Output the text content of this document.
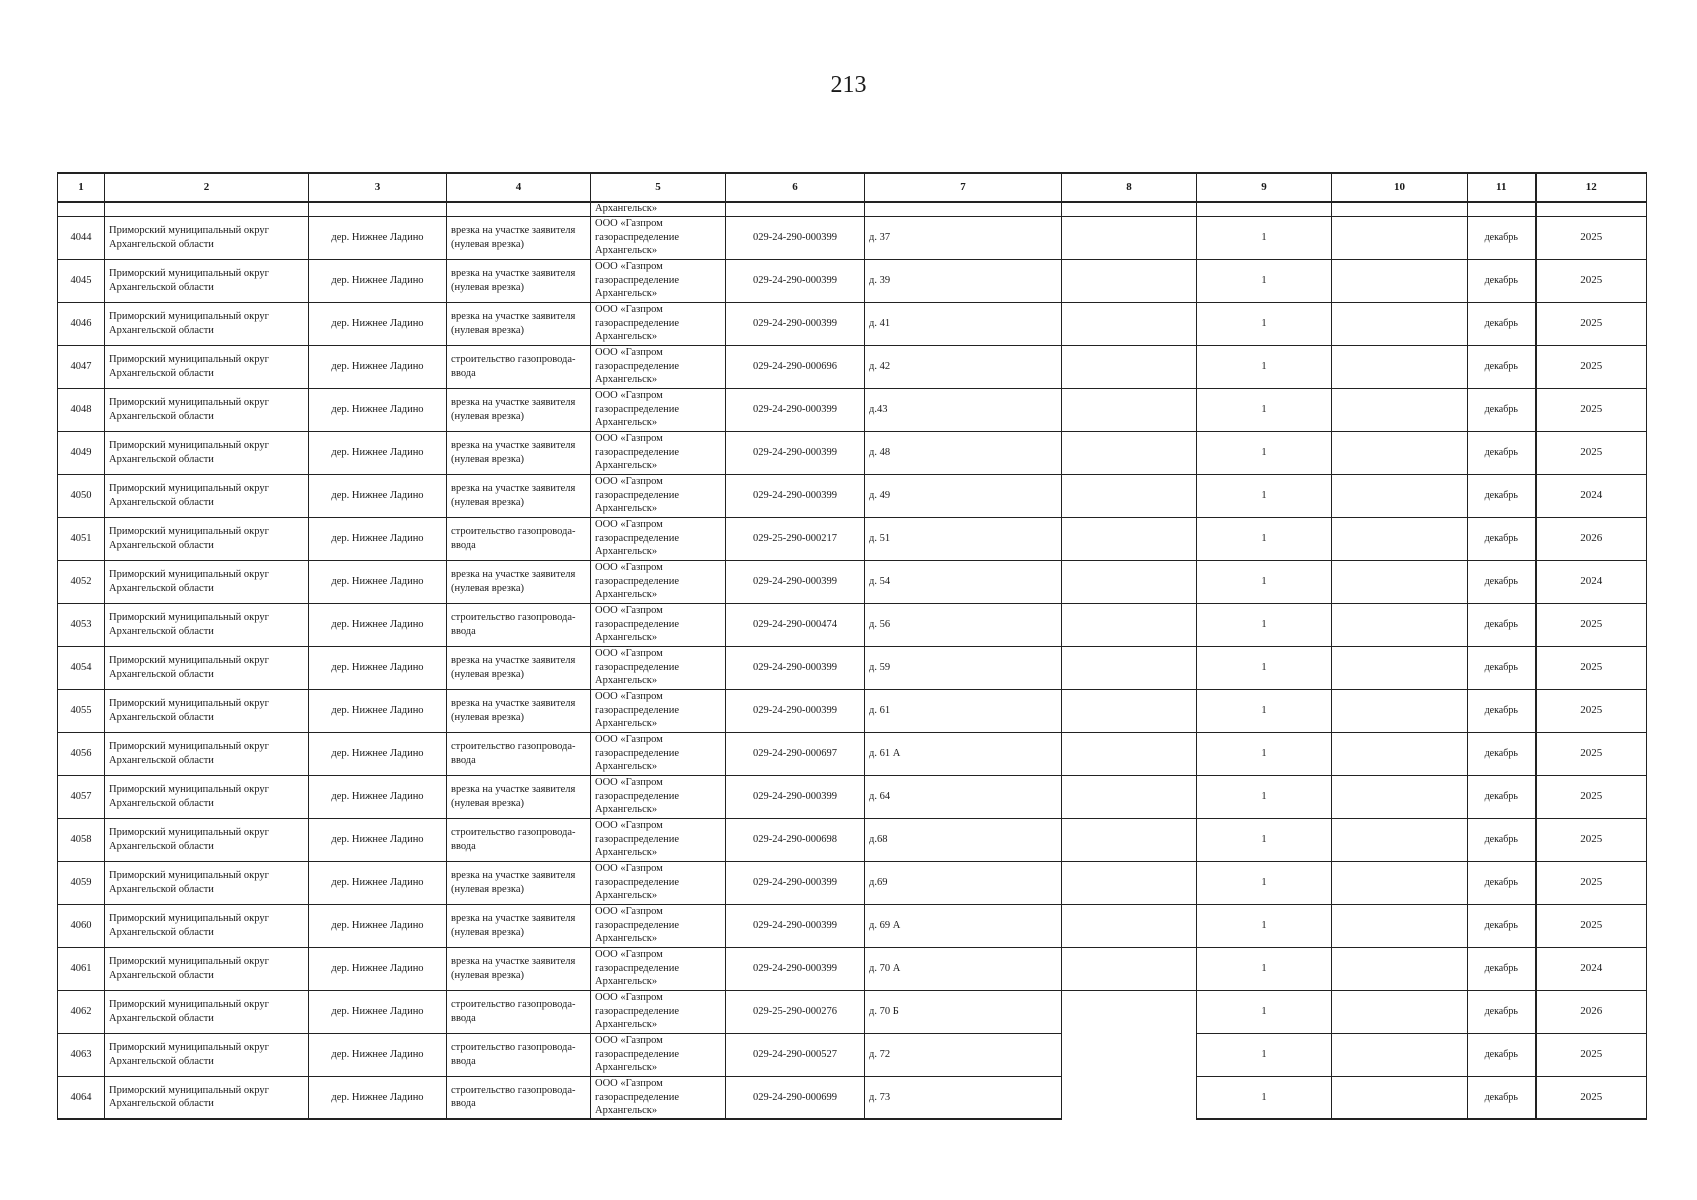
213
1	2	3	4	5	6	7	8	9	10	11	12
				Архангельск»							
4044	Приморский муниципальный округ Архангельской области	дер. Нижнее Ладино	врезка на участке заявителя (нулевая врезка)	ООО «Газпром газораспределение Архангельск»	029-24-290-000399	д. 37		1		декабрь	2025
4045	Приморский муниципальный округ Архангельской области	дер. Нижнее Ладино	врезка на участке заявителя (нулевая врезка)	ООО «Газпром газораспределение Архангельск»	029-24-290-000399	д. 39		1		декабрь	2025
4046	Приморский муниципальный округ Архангельской области	дер. Нижнее Ладино	врезка на участке заявителя (нулевая врезка)	ООО «Газпром газораспределение Архангельск»	029-24-290-000399	д. 41		1		декабрь	2025
4047	Приморский муниципальный округ Архангельской области	дер. Нижнее Ладино	строительство газопровода-ввода	ООО «Газпром газораспределение Архангельск»	029-24-290-000696	д. 42		1		декабрь	2025
4048	Приморский муниципальный округ Архангельской области	дер. Нижнее Ладино	врезка на участке заявителя (нулевая врезка)	ООО «Газпром газораспределение Архангельск»	029-24-290-000399	д.43		1		декабрь	2025
4049	Приморский муниципальный округ Архангельской области	дер. Нижнее Ладино	врезка на участке заявителя (нулевая врезка)	ООО «Газпром газораспределение Архангельск»	029-24-290-000399	д. 48		1		декабрь	2025
4050	Приморский муниципальный округ Архангельской области	дер. Нижнее Ладино	врезка на участке заявителя (нулевая врезка)	ООО «Газпром газораспределение Архангельск»	029-24-290-000399	д. 49		1		декабрь	2024
4051	Приморский муниципальный округ Архангельской области	дер. Нижнее Ладино	строительство газопровода-ввода	ООО «Газпром газораспределение Архангельск»	029-25-290-000217	д. 51		1		декабрь	2026
4052	Приморский муниципальный округ Архангельской области	дер. Нижнее Ладино	врезка на участке заявителя (нулевая врезка)	ООО «Газпром газораспределение Архангельск»	029-24-290-000399	д. 54		1		декабрь	2024
4053	Приморский муниципальный округ Архангельской области	дер. Нижнее Ладино	строительство газопровода-ввода	ООО «Газпром газораспределение Архангельск»	029-24-290-000474	д. 56		1		декабрь	2025
4054	Приморский муниципальный округ Архангельской области	дер. Нижнее Ладино	врезка на участке заявителя (нулевая врезка)	ООО «Газпром газораспределение Архангельск»	029-24-290-000399	д. 59		1		декабрь	2025
4055	Приморский муниципальный округ Архангельской области	дер. Нижнее Ладино	врезка на участке заявителя (нулевая врезка)	ООО «Газпром газораспределение Архангельск»	029-24-290-000399	д. 61		1		декабрь	2025
4056	Приморский муниципальный округ Архангельской области	дер. Нижнее Ладино	строительство газопровода-ввода	ООО «Газпром газораспределение Архангельск»	029-24-290-000697	д. 61 А		1		декабрь	2025
4057	Приморский муниципальный округ Архангельской области	дер. Нижнее Ладино	врезка на участке заявителя (нулевая врезка)	ООО «Газпром газораспределение Архангельск»	029-24-290-000399	д. 64		1		декабрь	2025
4058	Приморский муниципальный округ Архангельской области	дер. Нижнее Ладино	строительство газопровода-ввода	ООО «Газпром газораспределение Архангельск»	029-24-290-000698	д.68		1		декабрь	2025
4059	Приморский муниципальный округ Архангельской области	дер. Нижнее Ладино	врезка на участке заявителя (нулевая врезка)	ООО «Газпром газораспределение Архангельск»	029-24-290-000399	д.69		1		декабрь	2025
4060	Приморский муниципальный округ Архангельской области	дер. Нижнее Ладино	врезка на участке заявителя (нулевая врезка)	ООО «Газпром газораспределение Архангельск»	029-24-290-000399	д. 69 А		1		декабрь	2025
4061	Приморский муниципальный округ Архангельской области	дер. Нижнее Ладино	врезка на участке заявителя (нулевая врезка)	ООО «Газпром газораспределение Архангельск»	029-24-290-000399	д. 70 А		1		декабрь	2024
4062	Приморский муниципальный округ Архангельской области	дер. Нижнее Ладино	строительство газопровода-ввода	ООО «Газпром газораспределение Архангельск»	029-25-290-000276	д. 70 Б		1		декабрь	2026
4063	Приморский муниципальный округ Архангельской области	дер. Нижнее Ладино	строительство газопровода-ввода	ООО «Газпром газораспределение Архангельск»	029-24-290-000527	д. 72		1		декабрь	2025
4064	Приморский муниципальный округ Архангельской области	дер. Нижнее Ладино	строительство газопровода-ввода	ООО «Газпром газораспределение Архангельск»	029-24-290-000699	д. 73		1		декабрь	2025
